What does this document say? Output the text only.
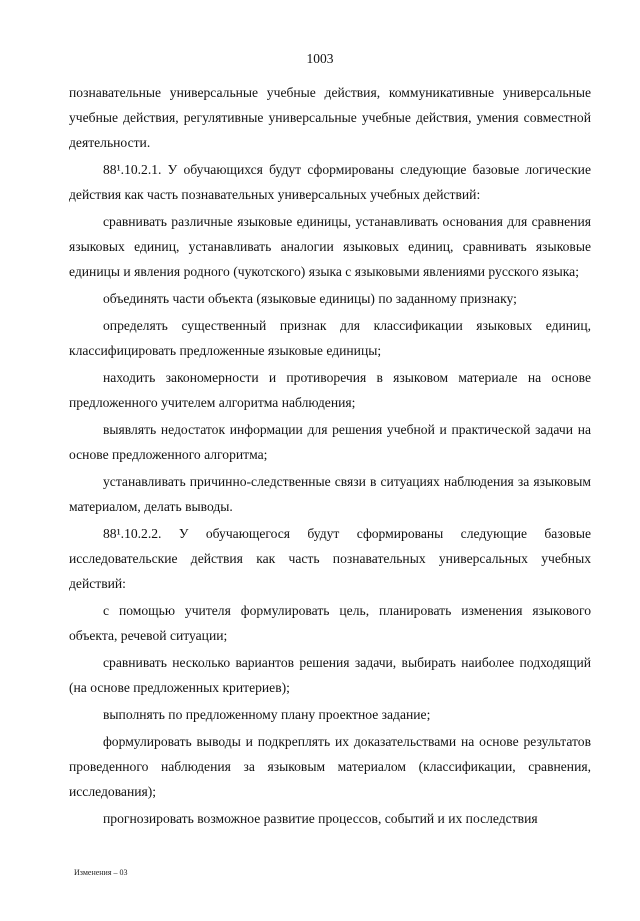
1003

познавательные универсальные учебные действия, коммуникативные универсальные учебные действия, регулятивные универсальные учебные действия, умения совместной деятельности.

88¹.10.2.1. У обучающихся будут сформированы следующие базовые логические действия как часть познавательных универсальных учебных действий:

сравнивать различные языковые единицы, устанавливать основания для сравнения языковых единиц, устанавливать аналогии языковых единиц, сравнивать языковые единицы и явления родного (чукотского) языка с языковыми явлениями русского языка;

объединять части объекта (языковые единицы) по заданному признаку;

определять существенный признак для классификации языковых единиц, классифицировать предложенные языковые единицы;

находить закономерности и противоречия в языковом материале на основе предложенного учителем алгоритма наблюдения;

выявлять недостаток информации для решения учебной и практической задачи на основе предложенного алгоритма;

устанавливать причинно-следственные связи в ситуациях наблюдения за языковым материалом, делать выводы.

88¹.10.2.2. У обучающегося будут сформированы следующие базовые исследовательские действия как часть познавательных универсальных учебных действий:

с помощью учителя формулировать цель, планировать изменения языкового объекта, речевой ситуации;

сравнивать несколько вариантов решения задачи, выбирать наиболее подходящий (на основе предложенных критериев);

выполнять по предложенному плану проектное задание;

формулировать выводы и подкреплять их доказательствами на основе результатов проведенного наблюдения за языковым материалом (классификации, сравнения, исследования);

прогнозировать возможное развитие процессов, событий и их последствия

Изменения – 03
